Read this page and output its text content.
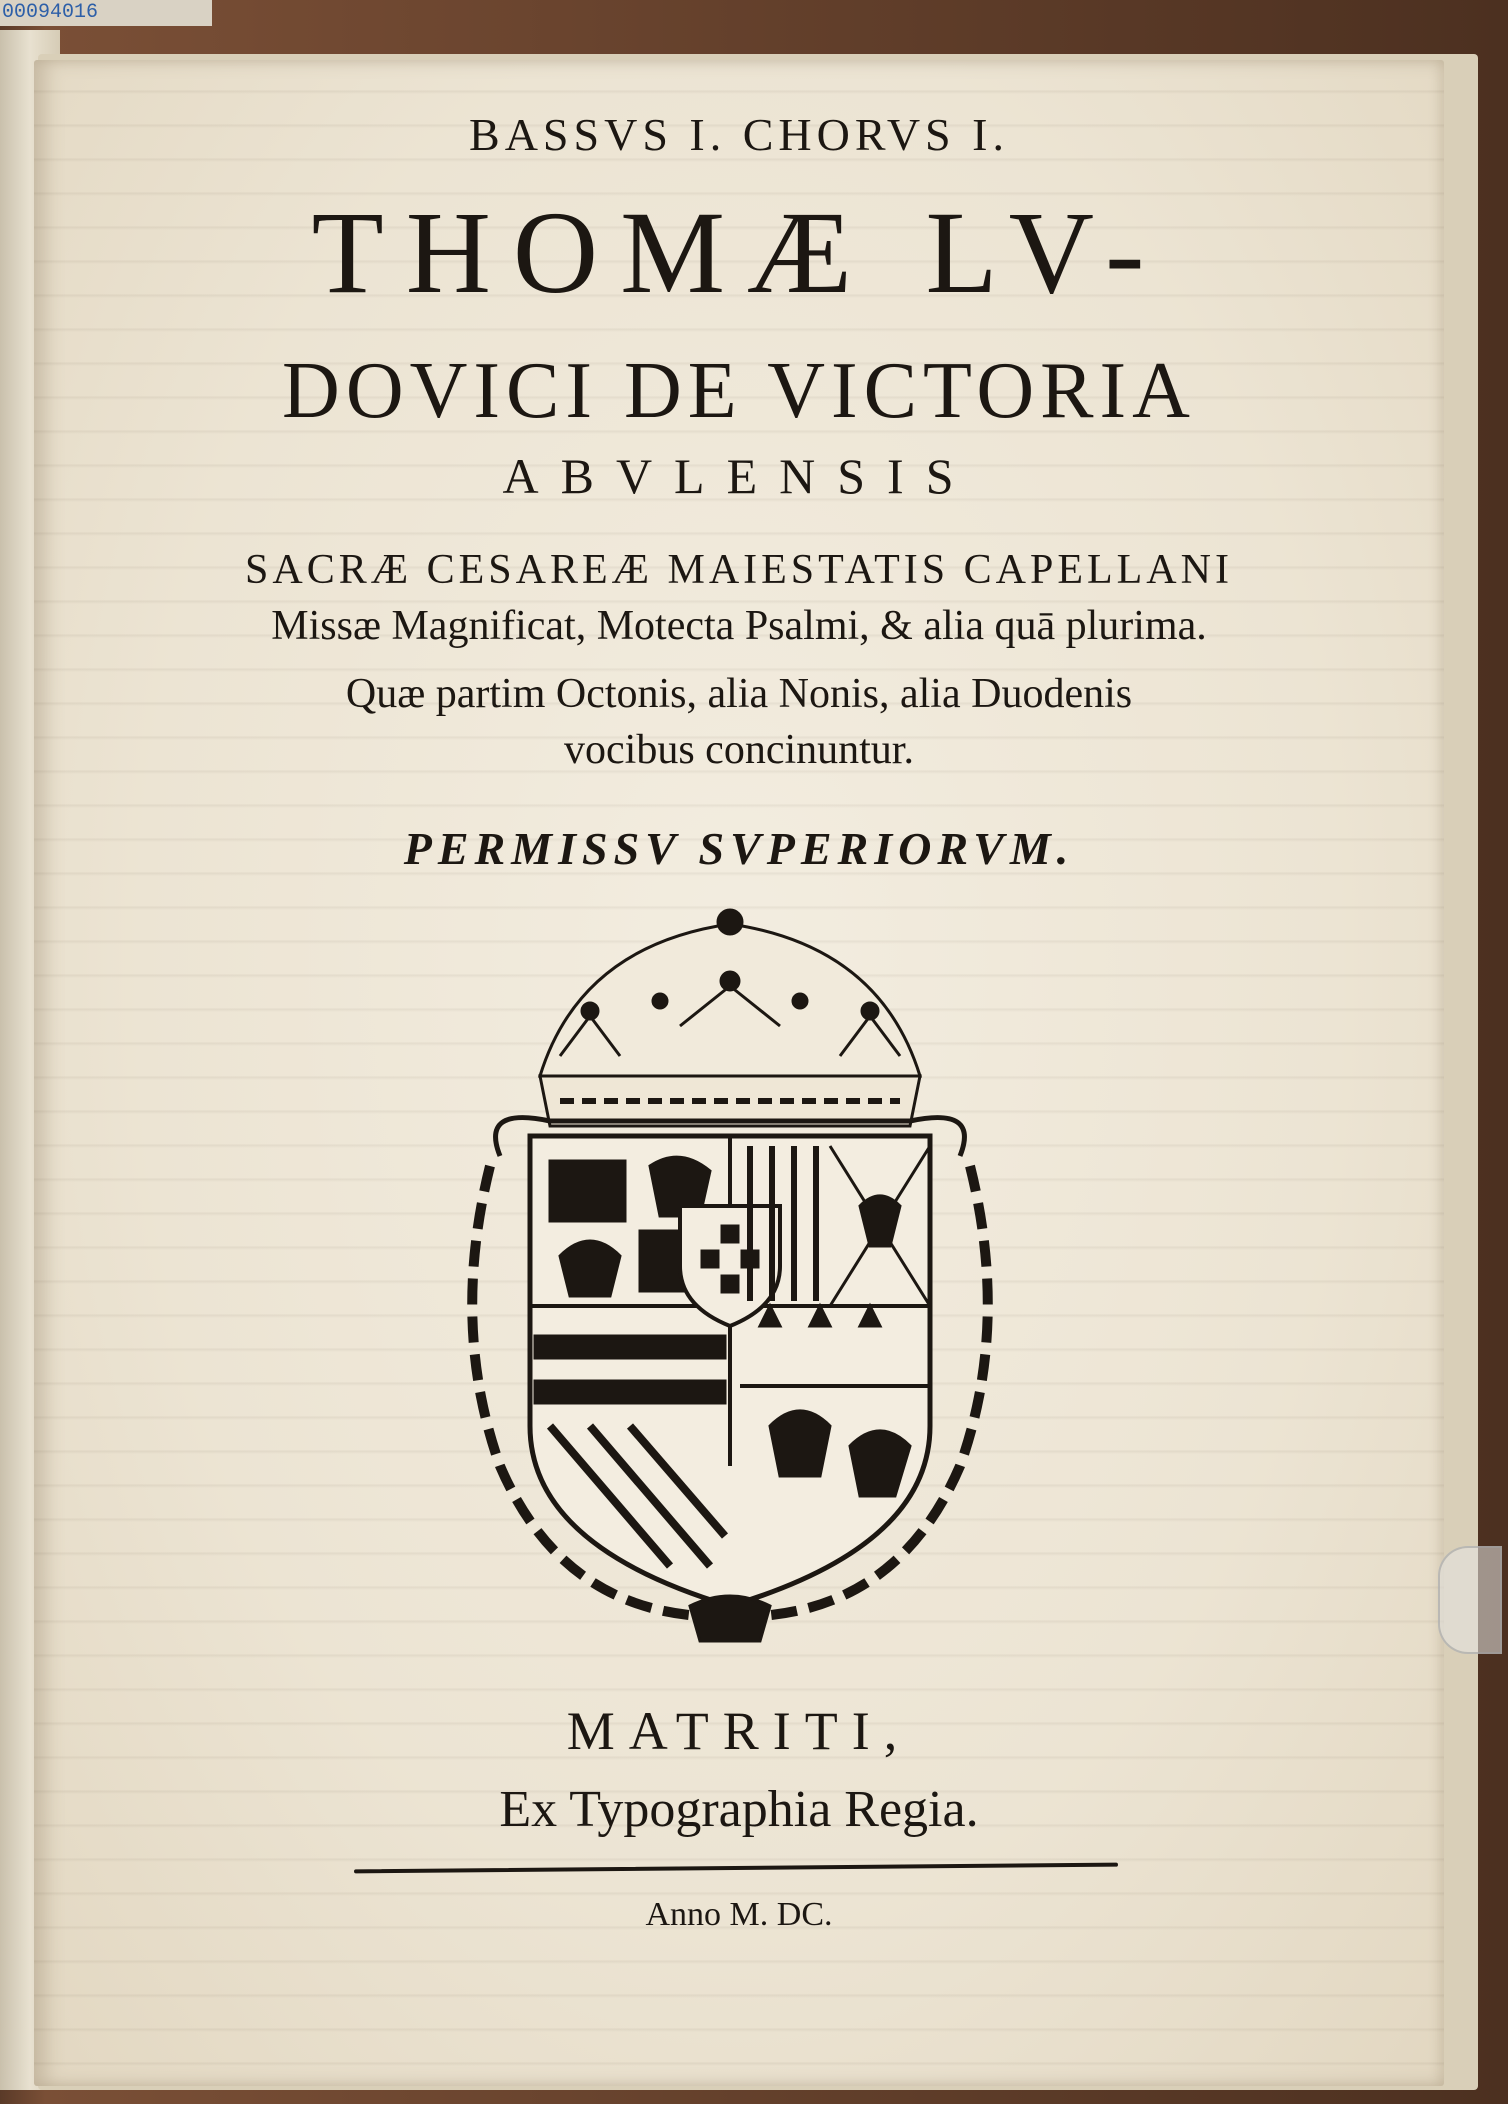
00094016
BASSVS I. CHORVS I.
THOMÆ LV-
DOVICI DE VICTORIA
ABVLENSIS
SACRÆ CESAREÆ MAIESTATIS CAPELLANI
Missæ Magnificat, Motecta Psalmi, & alia quā plurima.
Quæ partim Octonis, alia Nonis, alia Duodenis
vocibus concinuntur.
PERMISSV SVPERIORVM.
MATRITI,
Ex Typographia Regia.
Anno M. DC.
